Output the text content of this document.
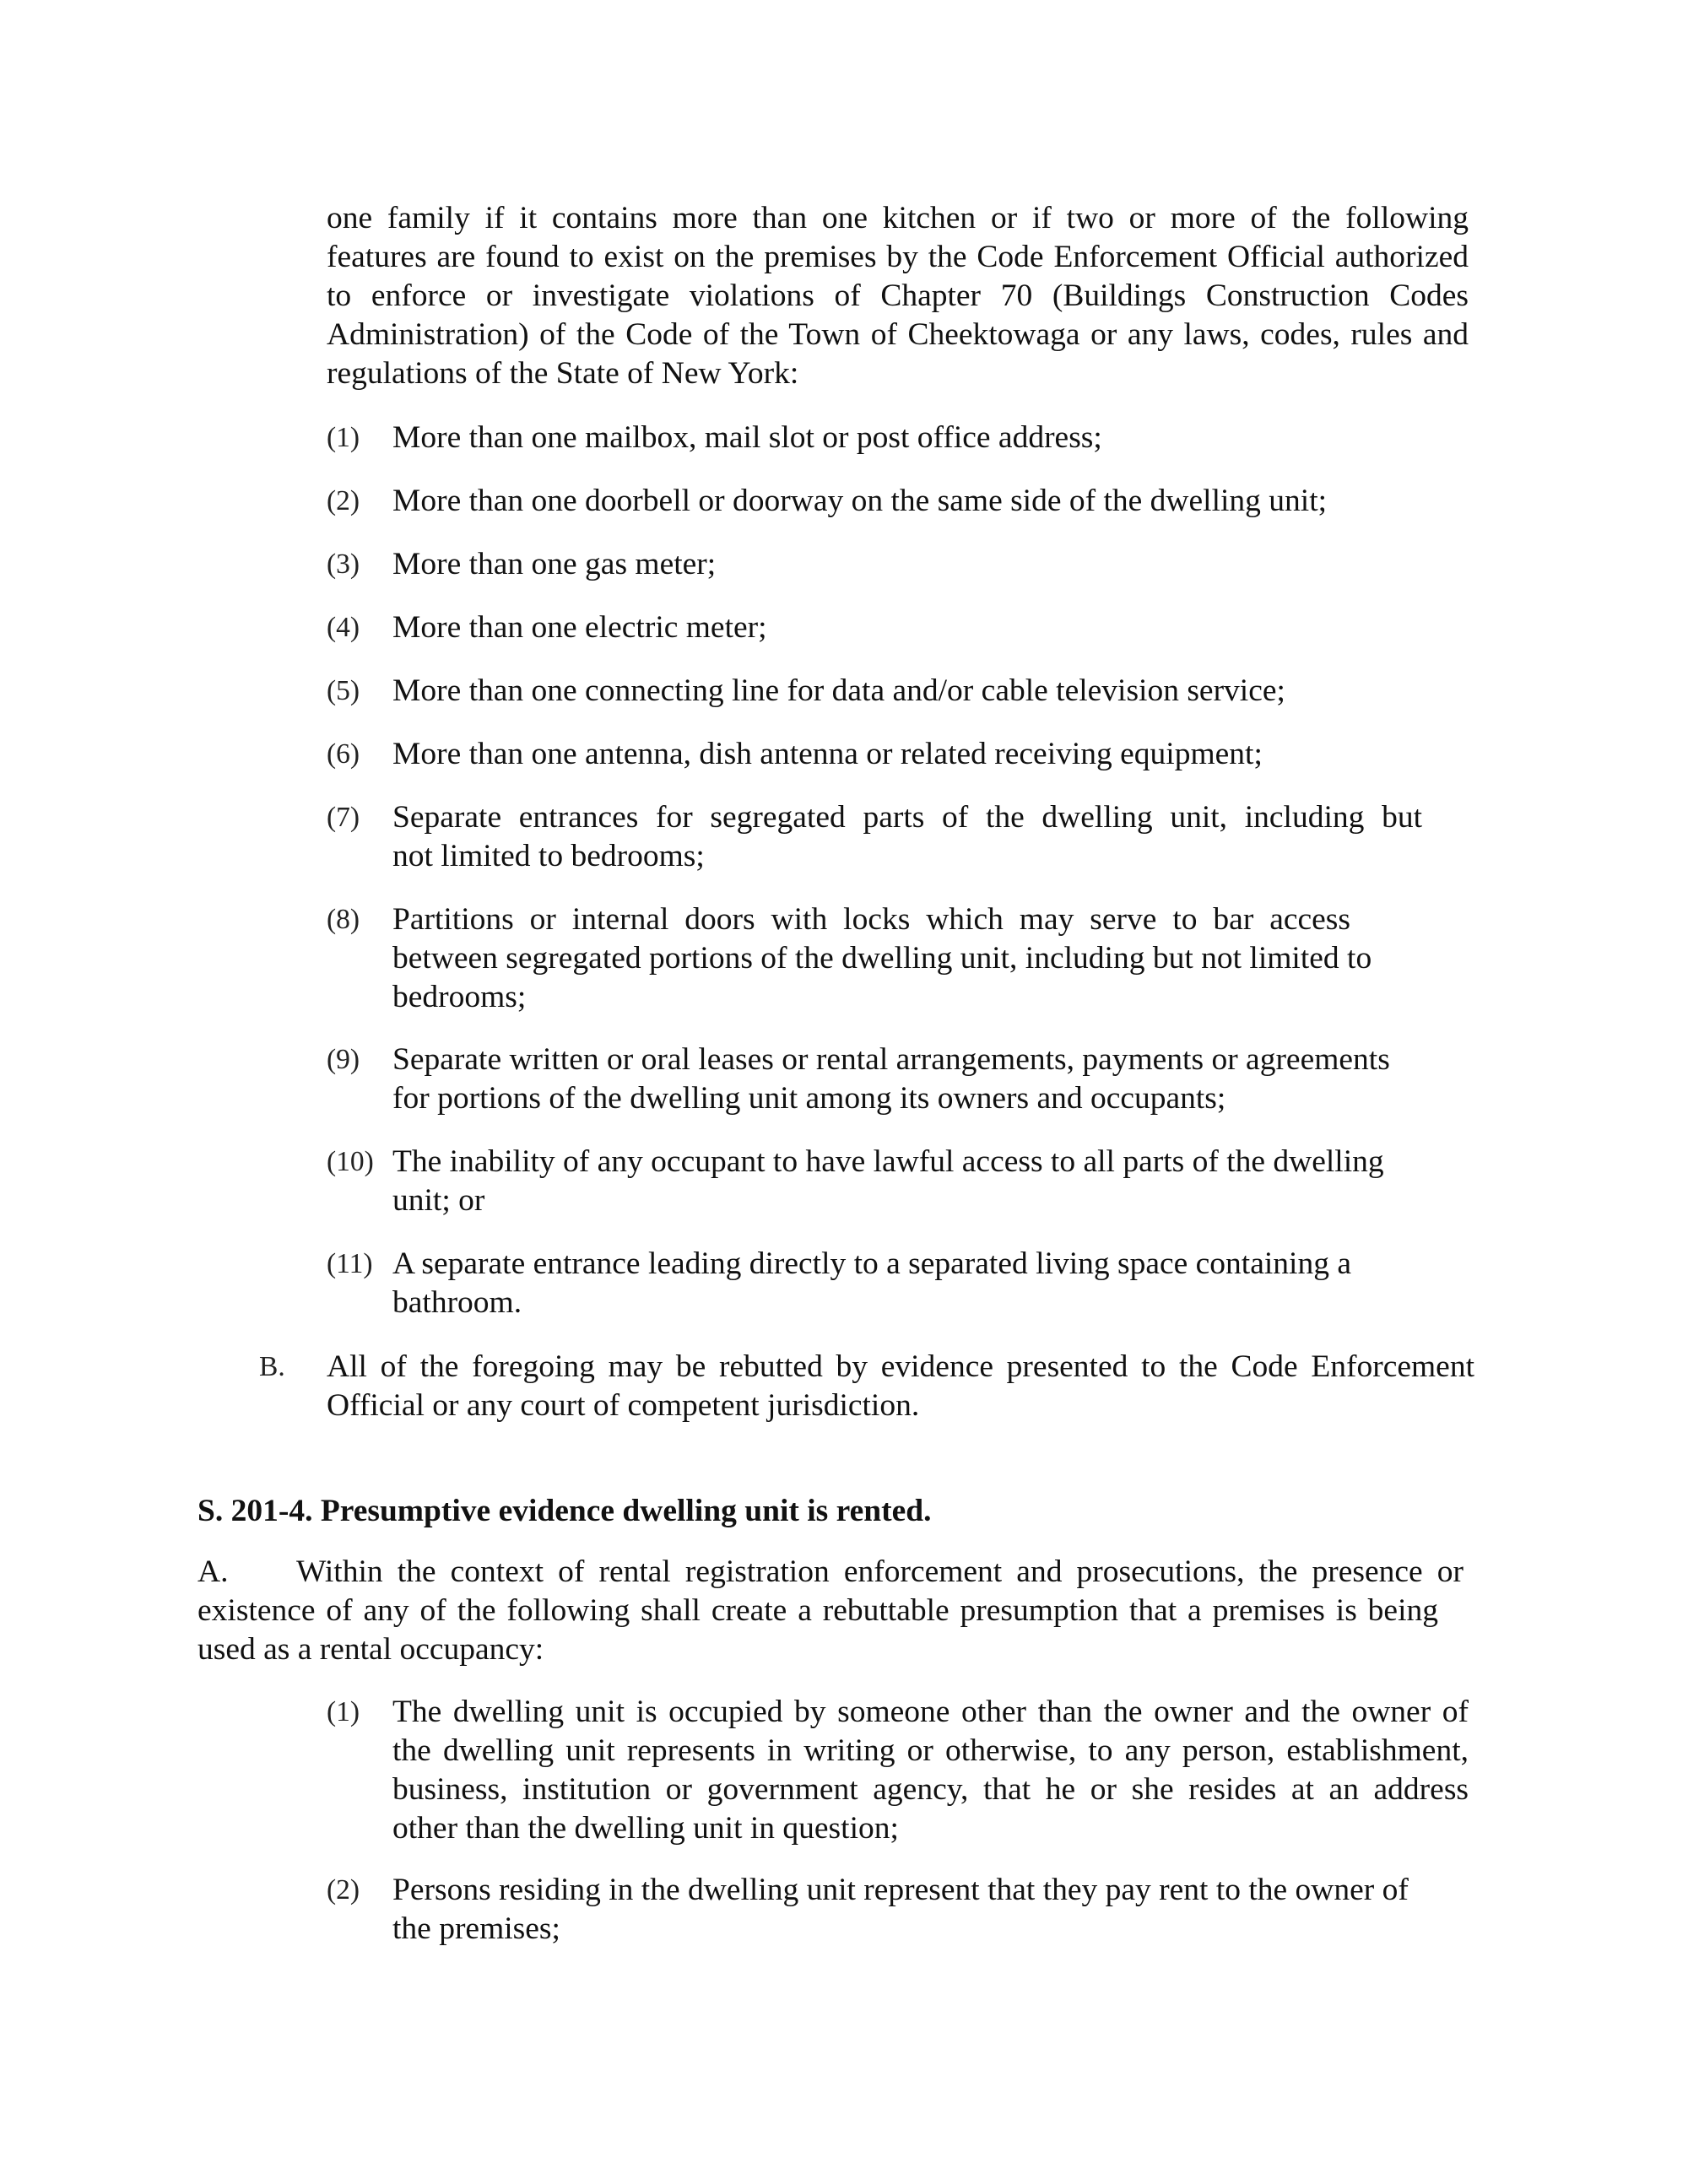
one family if it contains more than one kitchen or if two or more of the following
features are found to exist on the premises by the Code Enforcement Official authorized
to enforce or investigate violations of Chapter 70 (Buildings Construction Codes
Administration) of the Code of the Town of Cheektowaga or any laws, codes, rules and
regulations of the State of New York:
(1)	More than one mailbox, mail slot or post office address;
(2)	More than one doorbell or doorway on the same side of the dwelling unit;
(3)	More than one gas meter;
(4)	More than one electric meter;
(5)	More than one connecting line for data and/or cable television service;
(6)	More than one antenna, dish antenna or related receiving equipment;
(7)	Separate entrances for segregated parts of the dwelling unit, including but
not limited to bedrooms;
(8)	Partitions or internal doors with locks which may serve to bar access
between segregated portions of the dwelling unit, including but not limited to
bedrooms;
(9)	Separate written or oral leases or rental arrangements, payments or agreements
for portions of the dwelling unit among its owners and occupants;
(10) The inability of any occupant to have lawful access to all parts of the dwelling
unit; or
(11) A separate entrance leading directly to a separated living space containing a
bathroom.
B.	All of the foregoing may be rebutted by evidence presented to the Code Enforcement
Official or any court of competent jurisdiction.
S. 201-4. Presumptive evidence dwelling unit is rented.
A. Within the context of rental registration enforcement and prosecutions, the presence or
existence of any of the following shall create a rebuttable presumption that a premises is being
used as a rental occupancy:
(1)	The dwelling unit is occupied by someone other than the owner and the owner of
the dwelling unit represents in writing or otherwise, to any person, establishment,
business, institution or government agency, that he or she resides at an address
other than the dwelling unit in question;
(2)	Persons residing in the dwelling unit represent that they pay rent to the owner of
the premises;
